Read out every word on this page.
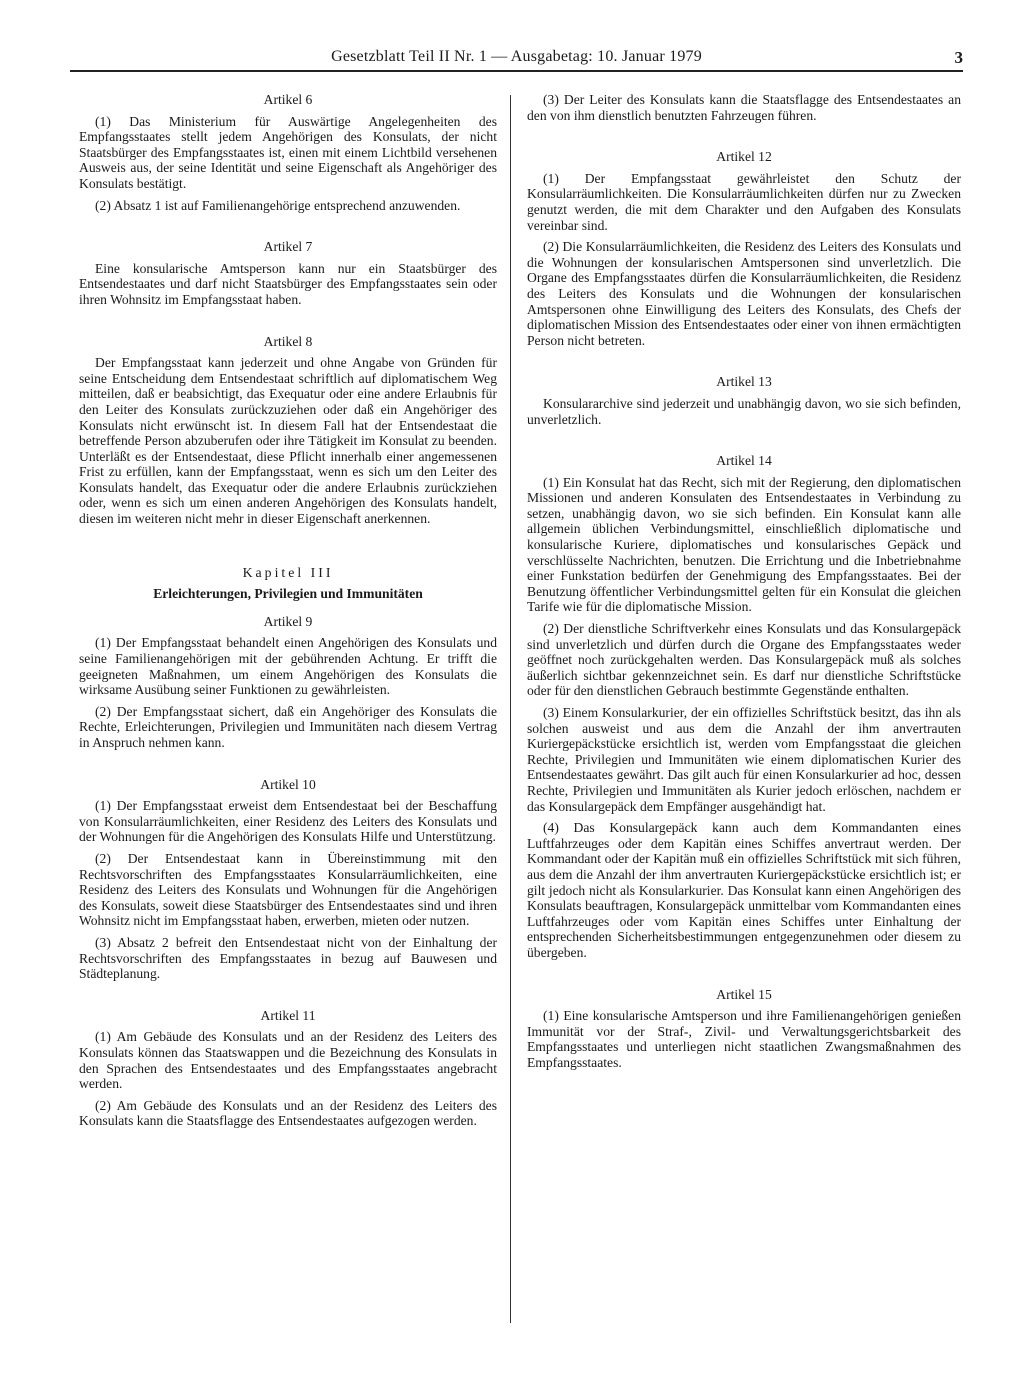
Gesetzblatt Teil II Nr. 1 — Ausgabetag: 10. Januar 1979	3
Artikel 6

(1) Das Ministerium für Auswärtige Angelegenheiten des Empfangsstaates stellt jedem Angehörigen des Konsulats, der nicht Staatsbürger des Empfangsstaates ist, einen mit einem Lichtbild versehenen Ausweis aus, der seine Identität und seine Eigenschaft als Angehöriger des Konsulats bestätigt.

(2) Absatz 1 ist auf Familienangehörige entsprechend anzuwenden.

Artikel 7

Eine konsularische Amtsperson kann nur ein Staatsbürger des Entsendestaates und darf nicht Staatsbürger des Empfangsstaates sein oder ihren Wohnsitz im Empfangsstaat haben.

Artikel 8

Der Empfangsstaat kann jederzeit und ohne Angabe von Gründen für seine Entscheidung dem Entsendestaat schriftlich auf diplomatischem Weg mitteilen, daß er beabsichtigt, das Exequatur oder eine andere Erlaubnis für den Leiter des Konsulats zurückzuziehen oder daß ein Angehöriger des Konsulats nicht erwünscht ist. In diesem Fall hat der Entsendestaat die betreffende Person abzuberufen oder ihre Tätigkeit im Konsulat zu beenden. Unterläßt es der Entsendestaat, diese Pflicht innerhalb einer angemessenen Frist zu erfüllen, kann der Empfangsstaat, wenn es sich um den Leiter des Konsulats handelt, das Exequatur oder die andere Erlaubnis zurückziehen oder, wenn es sich um einen anderen Angehörigen des Konsulats handelt, diesen im weiteren nicht mehr in dieser Eigenschaft anerkennen.

Kapitel III
Erleichterungen, Privilegien und Immunitäten
Artikel 9

(1) Der Empfangsstaat behandelt einen Angehörigen des Konsulats und seine Familienangehörigen mit der gebührenden Achtung. Er trifft die geeigneten Maßnahmen, um einem Angehörigen des Konsulats die wirksame Ausübung seiner Funktionen zu gewährleisten.

(2) Der Empfangsstaat sichert, daß ein Angehöriger des Konsulats die Rechte, Erleichterungen, Privilegien und Immunitäten nach diesem Vertrag in Anspruch nehmen kann.

Artikel 10

(1) Der Empfangsstaat erweist dem Entsendestaat bei der Beschaffung von Konsularräumlichkeiten, einer Residenz des Leiters des Konsulats und der Wohnungen für die Angehörigen des Konsulats Hilfe und Unterstützung.

(2) Der Entsendestaat kann in Übereinstimmung mit den Rechtsvorschriften des Empfangsstaates Konsularräumlichkeiten, eine Residenz des Leiters des Konsulats und Wohnungen für die Angehörigen des Konsulats, soweit diese Staatsbürger des Entsendestaates sind und ihren Wohnsitz nicht im Empfangsstaat haben, erwerben, mieten oder nutzen.

(3) Absatz 2 befreit den Entsendestaat nicht von der Einhaltung der Rechtsvorschriften des Empfangsstaates in bezug auf Bauwesen und Städteplanung.

Artikel 11

(1) Am Gebäude des Konsulats und an der Residenz des Leiters des Konsulats können das Staatswappen und die Bezeichnung des Konsulats in den Sprachen des Entsendestaates und des Empfangsstaates angebracht werden.

(2) Am Gebäude des Konsulats und an der Residenz des Leiters des Konsulats kann die Staatsflagge des Entsendestaates aufgezogen werden.

(3) Der Leiter des Konsulats kann die Staatsflagge des Entsendestaates an den von ihm dienstlich benutzten Fahrzeugen führen.

Artikel 12

(1) Der Empfangsstaat gewährleistet den Schutz der Konsularräumlichkeiten. Die Konsularräumlichkeiten dürfen nur zu Zwecken genutzt werden, die mit dem Charakter und den Aufgaben des Konsulats vereinbar sind.

(2) Die Konsularräumlichkeiten, die Residenz des Leiters des Konsulats und die Wohnungen der konsularischen Amtspersonen sind unverletzlich. Die Organe des Empfangsstaates dürfen die Konsularräumlichkeiten, die Residenz des Leiters des Konsulats und die Wohnungen der konsularischen Amtspersonen ohne Einwilligung des Leiters des Konsulats, des Chefs der diplomatischen Mission des Entsendestaates oder einer von ihnen ermächtigten Person nicht betreten.

Artikel 13

Konsulararchive sind jederzeit und unabhängig davon, wo sie sich befinden, unverletzlich.

Artikel 14

(1) Ein Konsulat hat das Recht, sich mit der Regierung, den diplomatischen Missionen und anderen Konsulaten des Entsendestaates in Verbindung zu setzen, unabhängig davon, wo sie sich befinden. Ein Konsulat kann alle allgemein üblichen Verbindungsmittel, einschließlich diplomatische und konsularische Kuriere, diplomatisches und konsularisches Gepäck und verschlüsselte Nachrichten, benutzen. Die Errichtung und die Inbetriebnahme einer Funkstation bedürfen der Genehmigung des Empfangsstaates. Bei der Benutzung öffentlicher Verbindungsmittel gelten für ein Konsulat die gleichen Tarife wie für die diplomatische Mission.

(2) Der dienstliche Schriftverkehr eines Konsulats und das Konsulargepäck sind unverletzlich und dürfen durch die Organe des Empfangsstaates weder geöffnet noch zurückgehalten werden. Das Konsulargepäck muß als solches äußerlich sichtbar gekennzeichnet sein. Es darf nur dienstliche Schriftstücke oder für den dienstlichen Gebrauch bestimmte Gegenstände enthalten.

(3) Einem Konsularkurier, der ein offizielles Schriftstück besitzt, das ihn als solchen ausweist und aus dem die Anzahl der ihm anvertrauten Kuriergepäckstücke ersichtlich ist, werden vom Empfangsstaat die gleichen Rechte, Privilegien und Immunitäten wie einem diplomatischen Kurier des Entsendestaates gewährt. Das gilt auch für einen Konsularkurier ad hoc, dessen Rechte, Privilegien und Immunitäten als Kurier jedoch erlöschen, nachdem er das Konsulargepäck dem Empfänger ausgehändigt hat.

(4) Das Konsulargepäck kann auch dem Kommandanten eines Luftfahrzeuges oder dem Kapitän eines Schiffes anvertraut werden. Der Kommandant oder der Kapitän muß ein offizielles Schriftstück mit sich führen, aus dem die Anzahl der ihm anvertrauten Kuriergepäckstücke ersichtlich ist; er gilt jedoch nicht als Konsularkurier. Das Konsulat kann einen Angehörigen des Konsulats beauftragen, Konsulargepäck unmittelbar vom Kommandanten eines Luftfahrzeuges oder vom Kapitän eines Schiffes unter Einhaltung der entsprechenden Sicherheitsbestimmungen entgegenzunehmen oder diesem zu übergeben.

Artikel 15

(1) Eine konsularische Amtsperson und ihre Familienangehörigen genießen Immunität vor der Straf-, Zivil- und Verwaltungsgerichtsbarkeit des Empfangsstaates und unterliegen nicht staatlichen Zwangsmaßnahmen des Empfangsstaates.
